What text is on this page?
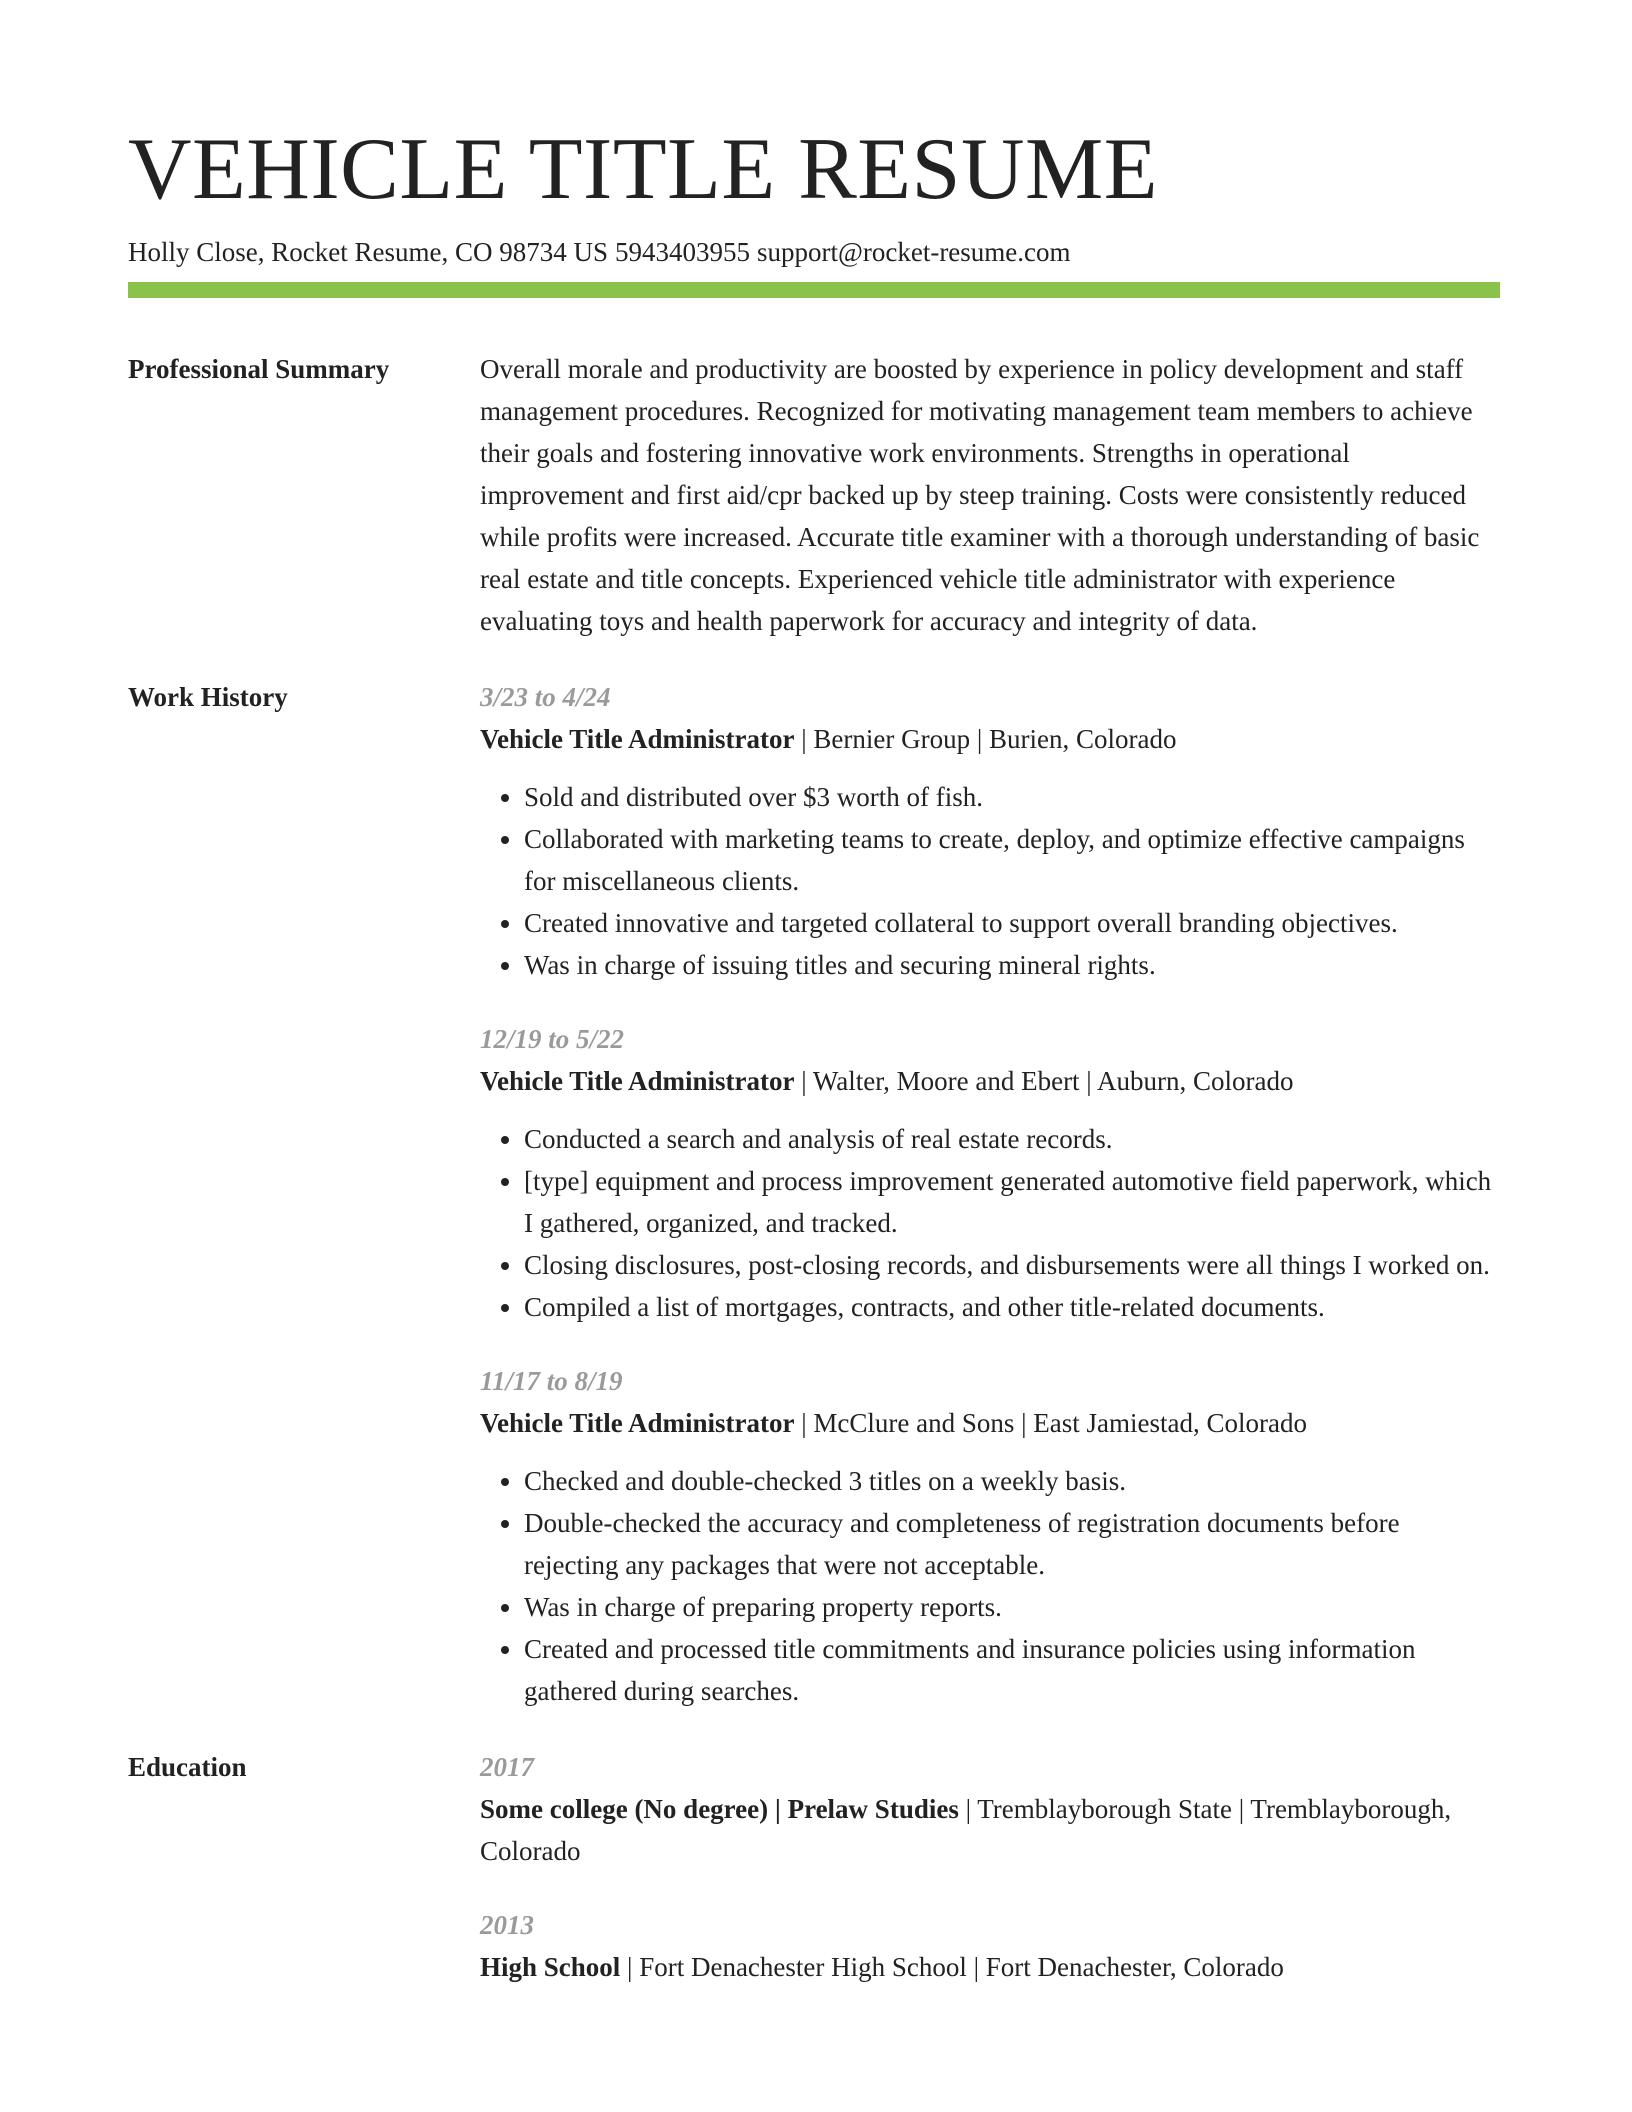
VEHICLE TITLE RESUME
Holly Close, Rocket Resume, CO 98734 US 5943403955 support@rocket-resume.com
Professional Summary	Overall morale and productivity are boosted by experience in policy development and staff management procedures. Recognized for motivating management team members to achieve their goals and fostering innovative work environments. Strengths in operational improvement and first aid/cpr backed up by steep training. Costs were consistently reduced while profits were increased. Accurate title examiner with a thorough understanding of basic real estate and title concepts. Experienced vehicle title administrator with experience evaluating toys and health paperwork for accuracy and integrity of data.

Work History	3/23 to 4/24
Vehicle Title Administrator | Bernier Group | Burien, Colorado
• Sold and distributed over $3 worth of fish.
• Collaborated with marketing teams to create, deploy, and optimize effective campaigns for miscellaneous clients.
• Created innovative and targeted collateral to support overall branding objectives.
• Was in charge of issuing titles and securing mineral rights.
12/19 to 5/22
Vehicle Title Administrator | Walter, Moore and Ebert | Auburn, Colorado
• Conducted a search and analysis of real estate records.
• [type] equipment and process improvement generated automotive field paperwork, which I gathered, organized, and tracked.
• Closing disclosures, post-closing records, and disbursements were all things I worked on.
• Compiled a list of mortgages, contracts, and other title-related documents.
11/17 to 8/19
Vehicle Title Administrator | McClure and Sons | East Jamiestad, Colorado
• Checked and double-checked 3 titles on a weekly basis.
• Double-checked the accuracy and completeness of registration documents before rejecting any packages that were not acceptable.
• Was in charge of preparing property reports.
• Created and processed title commitments and insurance policies using information gathered during searches.
Education	2017
Some college (No degree) | Prelaw Studies | Tremblayborough State | Tremblayborough, Colorado
2013
High School | Fort Denachester High School | Fort Denachester, Colorado
